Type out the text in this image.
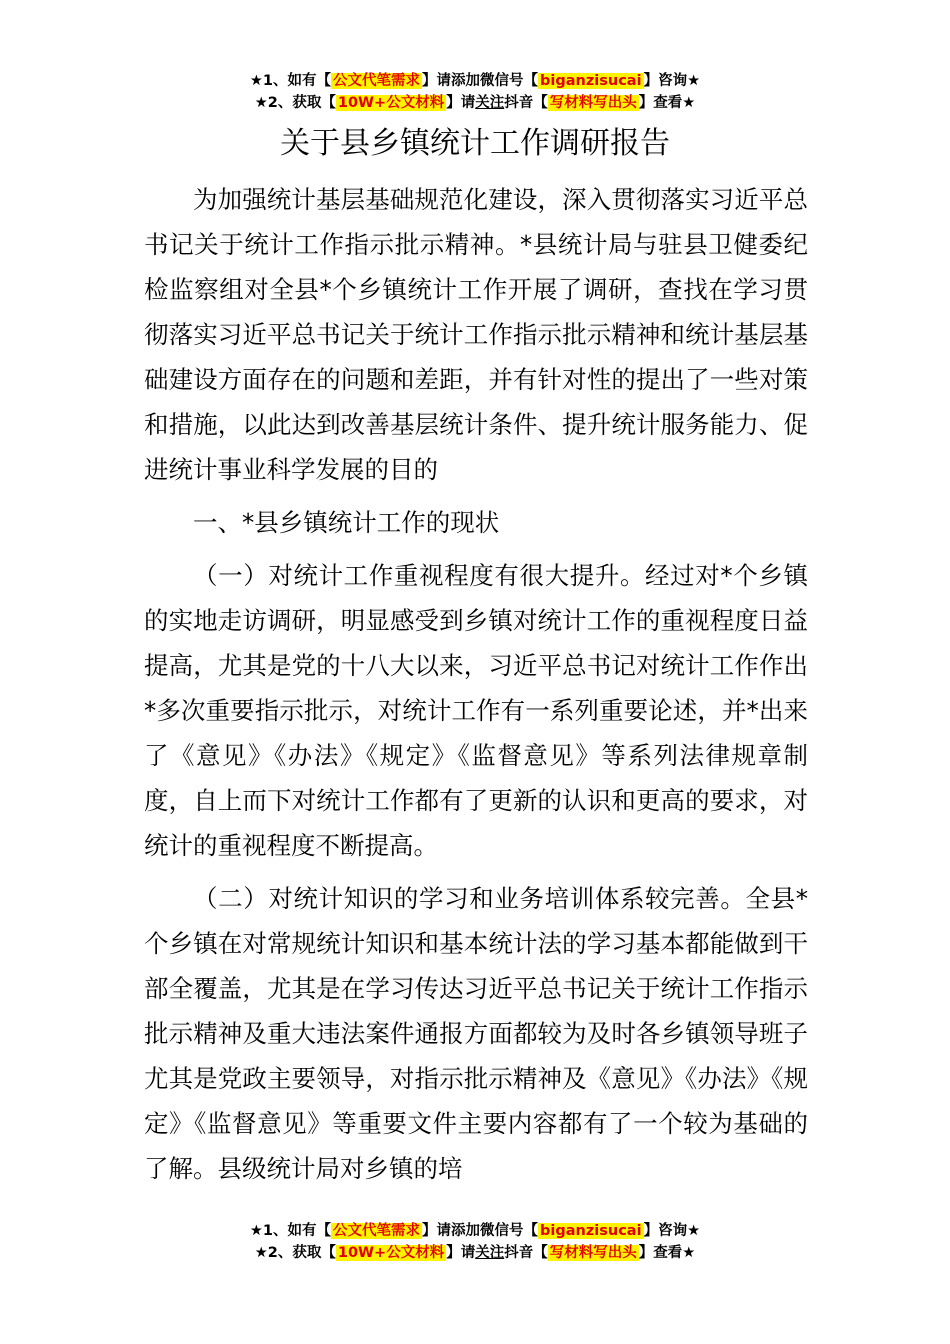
★1、如有【 公文代笔需求 】请添加微信号【 biganzisucai 】咨询★
★2、获取【 10W+公文材料 】请关注抖音【 写材料写出头 】查看★
关于县乡镇统计工作调研报告

为加强统计基层基础规范化建设，深入贯彻落实习近平总书记关于统计工作指示批示精神。*县统计局与驻县卫健委纪检监察组对全县*个乡镇统计工作开展了调研，查找在学习贯彻落实习近平总书记关于统计工作指示批示精神和统计基层基础建设方面存在的问题和差距，并有针对性的提出了一些对策和措施，以此达到改善基层统计条件、提升统计服务能力、促进统计事业科学发展的目的

一、*县乡镇统计工作的现状

（一）对统计工作重视程度有很大提升。经过对*个乡镇的实地走访调研，明显感受到乡镇对统计工作的重视程度日益提高，尤其是党的十八大以来，习近平总书记对统计工作作出*多次重要指示批示，对统计工作有一系列重要论述，并*出来了《意见》《办法》《规定》《监督意见》等系列法律规章制度，自上而下对统计工作都有了更新的认识和更高的要求，对统计的重视程度不断提高。

（二）对统计知识的学习和业务培训体系较完善。全县*个乡镇在对常规统计知识和基本统计法的学习基本都能做到干部全覆盖，尤其是在学习传达习近平总书记关于统计工作指示批示精神及重大违法案件通报方面都较为及时各乡镇领导班子尤其是党政主要领导，对指示批示精神及《意见》《办法》《规定》《监督意见》等重要文件主要内容都有了一个较为基础的了解。县级统计局对乡镇的培

★1、如有【 公文代笔需求 】请添加微信号【 biganzisucai 】咨询★
★2、获取【 10W+公文材料 】请关注抖音【 写材料写出头 】查看★
